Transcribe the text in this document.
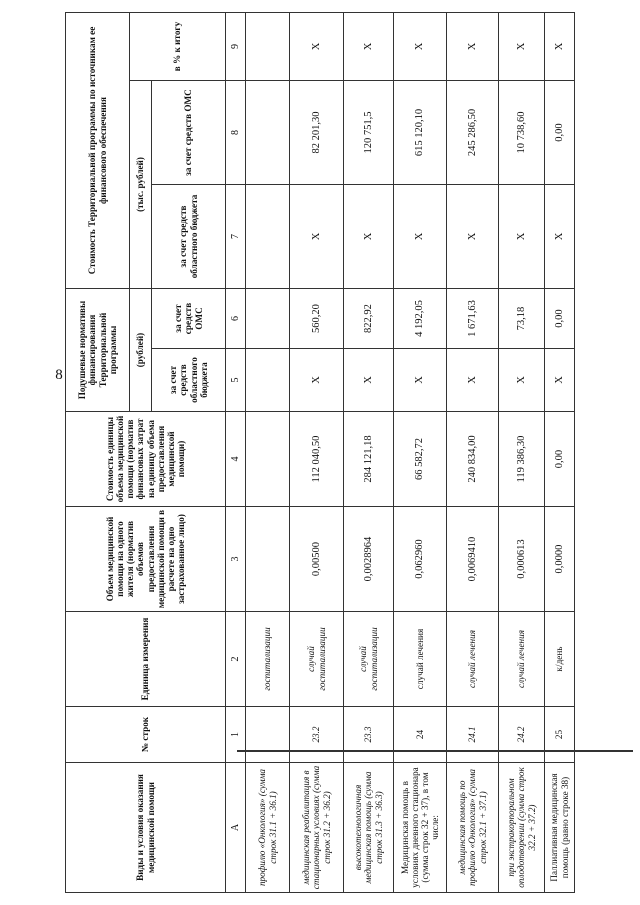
8
Виды и условия оказания медицинской помощи	№ строк	Единица измерения	Объем медицинской помощи на одного жителя (норматив объемов предоставления медицинской помощи в расчете на одно застрахованное лицо)	Стоимость единицы объема медицинской помощи (норматив финансовых затрат на единицу объема предоставления медицинской помощи)	Подушевые нормативы финансирования Территориальной программы		Стоимость Территориальной программы по источникам ее финансового обеспечения		
					(рублей)		(тыс. рублей)		в % к итогу
					за счет средств областного бюджета	за счет средств ОМС	за счет средств областного бюджета	за счет средств ОМС	
А	1	2	3	4	5	6	7	8	9
профилю «Онкология» (сумма строк 31.1 + 36.1)		госпитализации							
медицинская реабилитация в стационарных условиях (сумма строк 31.2 + 36.2)	23.2	случай госпитализации	0,00500	112 040,50	Х	560,20	Х	82 201,30	Х
высокотехнологичная медицинская помощь (сумма строк 31.3 + 36.3)	23.3	случай госпитализации	0,0028964	284 121,18	Х	822,92	Х	120 751,5	Х
Медицинская помощь в условиях дневного стационара (сумма строк 32 + 37), в том числе:	24	случай лечения	0,062960	66 582,72	Х	4 192,05	Х	615 120,10	Х
медицинская помощь по профилю «Онкология» (сумма строк 32.1 + 37.1)	24.1	случай лечения	0,0069410	240 834,00	Х	1 671,63	Х	245 286,50	Х
при экстракорпоральном оплодотворении (сумма строк 32.2 + 37.2)	24.2	случай лечения	0,000613	119 386,30	Х	73,18	Х	10 738,60	Х
Паллиативная медицинская помощь (равно строке 38)	25	к/день	0,0000	0,00	Х	0,00	Х	0,00	Х
